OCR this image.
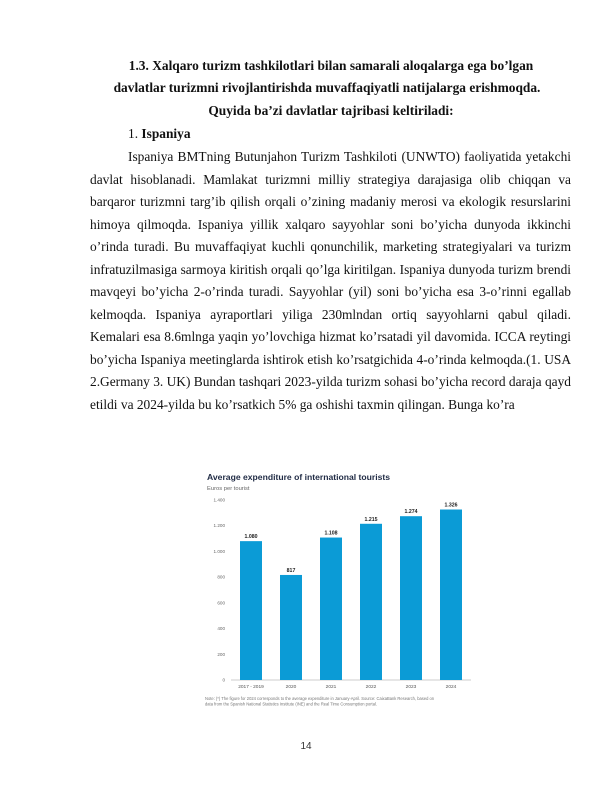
1.3. Xalqaro turizm tashkilotlari bilan samarali aloqalarga ega bo’lgan
davlatlar turizmni rivojlantirishda muvaffaqiyatli natijalarga erishmoqda.
Quyida ba’zi davlatlar tajribasi keltiriladi:
1. Ispaniya

Ispaniya BMTning Butunjahon Turizm Tashkiloti (UNWTO) faoliyatida yetakchi davlat hisoblanadi. Mamlakat turizmni milliy strategiya darajasiga olib chiqqan va barqaror turizmni targ’ib qilish orqali o’zining madaniy merosi va ekologik resurslarini himoya qilmoqda. Ispaniya yillik xalqaro sayyohlar soni bo’yicha dunyoda ikkinchi o’rinda turadi. Bu muvaffaqiyat kuchli qonunchilik, marketing strategiyalari va turizm infratuzilmasiga sarmoya kiritish orqali qo’lga kiritilgan. Ispaniya dunyoda turizm brendi mavqeyi bo’yicha 2-o’rinda turadi. Sayyohlar (yil) soni bo’yicha esa 3-o’rinni egallab kelmoqda. Ispaniya ayraportlari yiliga 230mlndan ortiq sayyohlarni qabul qiladi. Kemalari esa 8.6mlnga yaqin yo’lovchiga hizmat ko’rsatadi yil davomida. ICCA reytingi bo’yicha Ispaniya meetinglarda ishtirok etish ko’rsatgichida 4-o’rinda kelmoqda.(1. USA 2.Germany 3. UK) Bundan tashqari 2023-yilda turizm sohasi bo’yicha record daraja qayd etildi va 2024-yilda bu ko’rsatkich 5% ga oshishi taxmin qilingan. Bunga ko’ra

Average expenditure of international tourists
Euros per tourist
0
200
400
600
800
1.000
1.200
1.400
1.080
2017 - 2019
817
2020
1.108
2021
1.215
2022
1.274
2023
1.326
2024
Note: (*) The figure for 2024 corresponds to the average expenditure in January-April. Source: CaixaBank Research, based on data from the Spanish National Statistics Institute (INE) and the Real Time Consumption portal.
14
